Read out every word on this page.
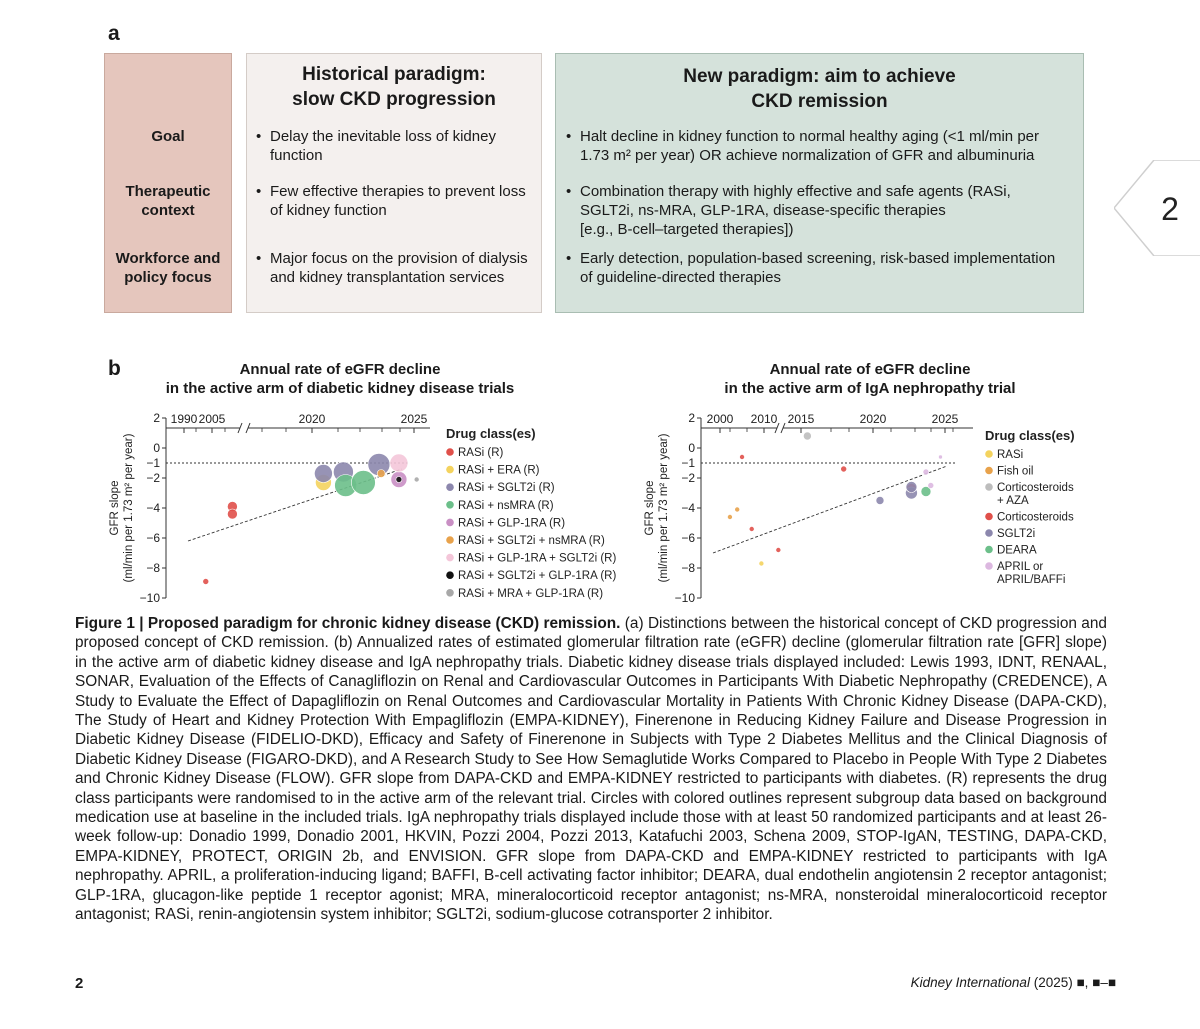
a
Historical paradigm:
slow CKD progression
New paradigm: aim to achieve
CKD remission
Goal
•	Delay the inevitable loss of kidney
function
• Halt decline in kidney function to normal healthy aging (<1 ml/min per
1.73 m² per year) OR achieve normalization of GFR and albuminuria
Therapeutic
context
• Few effective therapies to prevent loss
of kidney function
• Combination therapy with highly effective and safe agents (RASi,
SGLT2i, ns-MRA, GLP-1RA, disease-specific therapies
[e.g., B-cell–targeted therapies])
Workforce and
policy focus
• Major focus on the provision of dialysis
and kidney transplantation services
• Early detection, population-based screening, risk-based implementation
of guideline-directed therapies
2
b	Annual rate of eGFR decline
in the active arm of diabetic kidney disease trials
Annual rate of eGFR decline
in the active arm of IgA nephropathy trial
GFR slope (ml/min per 1.73 m² per year)
2
0
−2
−4
−6
−8
−10
−1
1990 2005	2020	2025
Drug class(es)
RASi (R)
RASi + ERA (R)
RASi + SGLT2i (R)
RASi + nsMRA (R)
RASi + GLP-1RA (R)
RASi + SGLT2i + nsMRA (R)
RASi + GLP-1RA + SGLT2i (R)
RASi + SGLT2i + GLP-1RA (R)
RASi + MRA + GLP-1RA (R)
GFR slope (ml/min per 1.73 m² per year)
2
0
−2
−4
−6
−8
−10
−1
2000 2010 2015	2020	2025
Drug class(es)
RASi
Fish oil
Corticosteroids
+ AZA
Corticosteroids
SGLT2i
DEARA
APRIL or
APRIL/BAFFi
Figure 1 | Proposed paradigm for chronic kidney disease (CKD) remission. (a) Distinctions between the historical concept of CKD progression and proposed concept of CKD remission. (b) Annualized rates of estimated glomerular filtration rate (eGFR) decline (glomerular filtration rate [GFR] slope) in the active arm of diabetic kidney disease and IgA nephropathy trials. Diabetic kidney disease trials displayed included: Lewis 1993, IDNT, RENAAL, SONAR, Evaluation of the Effects of Canagliflozin on Renal and Cardiovascular Outcomes in Participants With Diabetic Nephropathy (CREDENCE), A Study to Evaluate the Effect of Dapagliflozin on Renal Outcomes and Cardiovascular Mortality in Patients With Chronic Kidney Disease (DAPA-CKD), The Study of Heart and Kidney Protection With Empagliflozin (EMPA-KIDNEY), Finerenone in Reducing Kidney Failure and Disease Progression in Diabetic Kidney Disease (FIDELIO-DKD), Efficacy and Safety of Finerenone in Subjects with Type 2 Diabetes Mellitus and the Clinical Diagnosis of Diabetic Kidney Disease (FIGARO-DKD), and A Research Study to See How Semaglutide Works Compared to Placebo in People With Type 2 Diabetes and Chronic Kidney Disease (FLOW). GFR slope from DAPA-CKD and EMPA-KIDNEY restricted to participants with diabetes. (R) represents the drug class participants were randomised to in the active arm of the relevant trial. Circles with colored outlines represent subgroup data based on background medication use at baseline in the included trials. IgA nephropathy trials displayed include those with at least 50 randomized participants and at least 26-week follow-up: Donadio 1999, Donadio 2001, HKVIN, Pozzi 2004, Pozzi 2013, Katafuchi 2003, Schena 2009, STOP-IgAN, TESTING, DAPA-CKD, EMPA-KIDNEY, PROTECT, ORIGIN 2b, and ENVISION. GFR slope from DAPA-CKD and EMPA-KIDNEY restricted to participants with IgA nephropathy. APRIL, a proliferation-inducing ligand; BAFFI, B-cell activating factor inhibitor; DEARA, dual endothelin angiotensin 2 receptor antagonist; GLP-1RA, glucagon-like peptide 1 receptor agonist; MRA, mineralocorticoid receptor antagonist; ns-MRA, nonsteroidal mineralocorticoid receptor antagonist; RASi, renin-angiotensin system inhibitor; SGLT2i, sodium-glucose cotransporter 2 inhibitor.
2	Kidney International (2025) ■, ■–■
